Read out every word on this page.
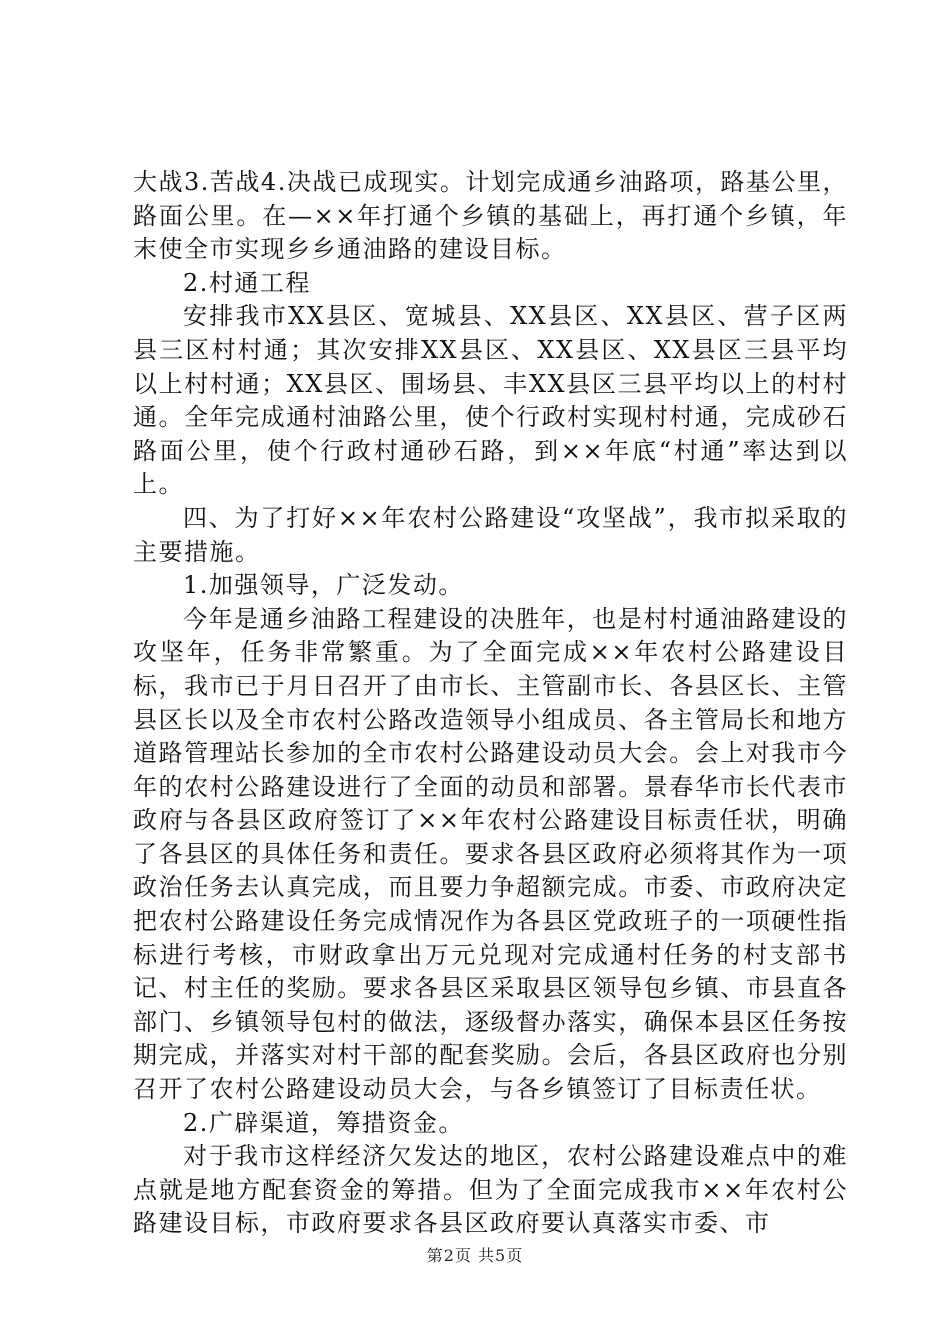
大战3.苦战4.决战已成现实。计划完成通乡油路项，路基公里，路面公里。在—××年打通个乡镇的基础上，再打通个乡镇，年末使全市实现乡乡通油路的建设目标。

2.村通工程

安排我市XX县区、宽城县、XX县区、XX县区、营子区两县三区村村通；其次安排XX县区、XX县区、XX县区三县平均以上村村通；XX县区、围场县、丰XX县区三县平均以上的村村通。全年完成通村油路公里，使个行政村实现村村通，完成砂石路面公里，使个行政村通砂石路，到××年底“村通”率达到以上。

四、为了打好××年农村公路建设“攻坚战”，我市拟采取的主要措施。

1.加强领导，广泛发动。

今年是通乡油路工程建设的决胜年，也是村村通油路建设的攻坚年，任务非常繁重。为了全面完成××年农村公路建设目标，我市已于月日召开了由市长、主管副市长、各县区长、主管县区长以及全市农村公路改造领导小组成员、各主管局长和地方道路管理站长参加的全市农村公路建设动员大会。会上对我市今年的农村公路建设进行了全面的动员和部署。景春华市长代表市政府与各县区政府签订了××年农村公路建设目标责任状，明确了各县区的具体任务和责任。要求各县区政府必须将其作为一项政治任务去认真完成，而且要力争超额完成。市委、市政府决定把农村公路建设任务完成情况作为各县区党政班子的一项硬性指标进行考核，市财政拿出万元兑现对完成通村任务的村支部书记、村主任的奖励。要求各县区采取县区领导包乡镇、市县直各部门、乡镇领导包村的做法，逐级督办落实，确保本县区任务按期完成，并落实对村干部的配套奖励。会后，各县区政府也分别召开了农村公路建设动员大会，与各乡镇签订了目标责任状。

2.广辟渠道，筹措资金。

对于我市这样经济欠发达的地区，农村公路建设难点中的难点就是地方配套资金的筹措。但为了全面完成我市××年农村公路建设目标，市政府要求各县区政府要认真落实市委、市

第2页 共5页
